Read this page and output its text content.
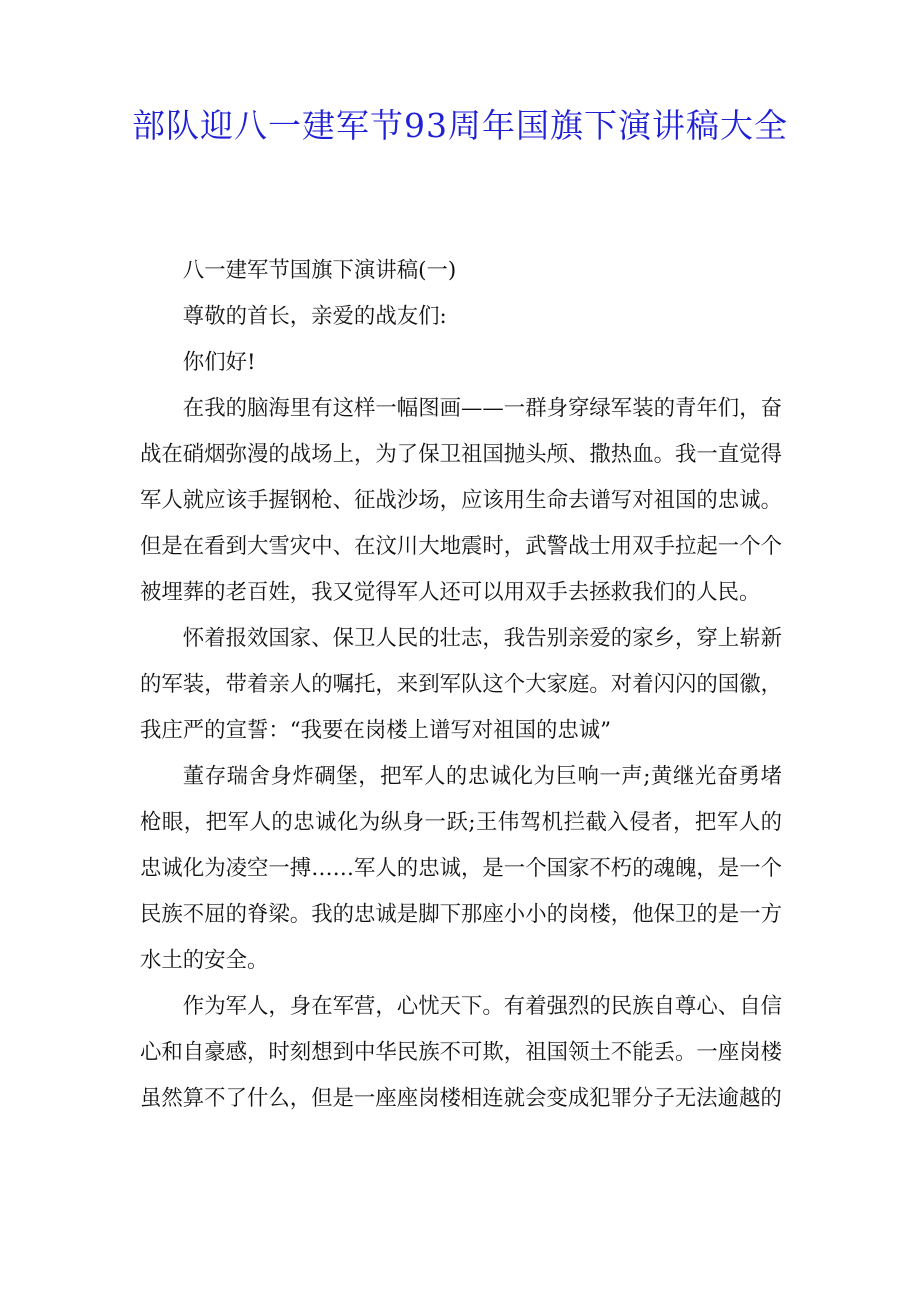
部队迎八一建军节93周年国旗下演讲稿大全

八一建军节国旗下演讲稿(一)

尊敬的首长，亲爱的战友们:

你们好!

在我的脑海里有这样一幅图画——一群身穿绿军装的青年们，奋战在硝烟弥漫的战场上，为了保卫祖国抛头颅、撒热血。我一直觉得军人就应该手握钢枪、征战沙场，应该用生命去谱写对祖国的忠诚。但是在看到大雪灾中、在汶川大地震时，武警战士用双手拉起一个个被埋葬的老百姓，我又觉得军人还可以用双手去拯救我们的人民。

怀着报效国家、保卫人民的壮志，我告别亲爱的家乡，穿上崭新的军装，带着亲人的嘱托，来到军队这个大家庭。对着闪闪的国徽，我庄严的宣誓：“我要在岗楼上谱写对祖国的忠诚”

董存瑞舍身炸碉堡，把军人的忠诚化为巨响一声;黄继光奋勇堵枪眼，把军人的忠诚化为纵身一跃;王伟驾机拦截入侵者，把军人的忠诚化为凌空一搏……军人的忠诚，是一个国家不朽的魂魄，是一个民族不屈的脊梁。我的忠诚是脚下那座小小的岗楼，他保卫的是一方水土的安全。

作为军人，身在军营，心忧天下。有着强烈的民族自尊心、自信心和自豪感，时刻想到中华民族不可欺，祖国领土不能丢。一座岗楼虽然算不了什么，但是一座座岗楼相连就会变成犯罪分子无法逾越的
